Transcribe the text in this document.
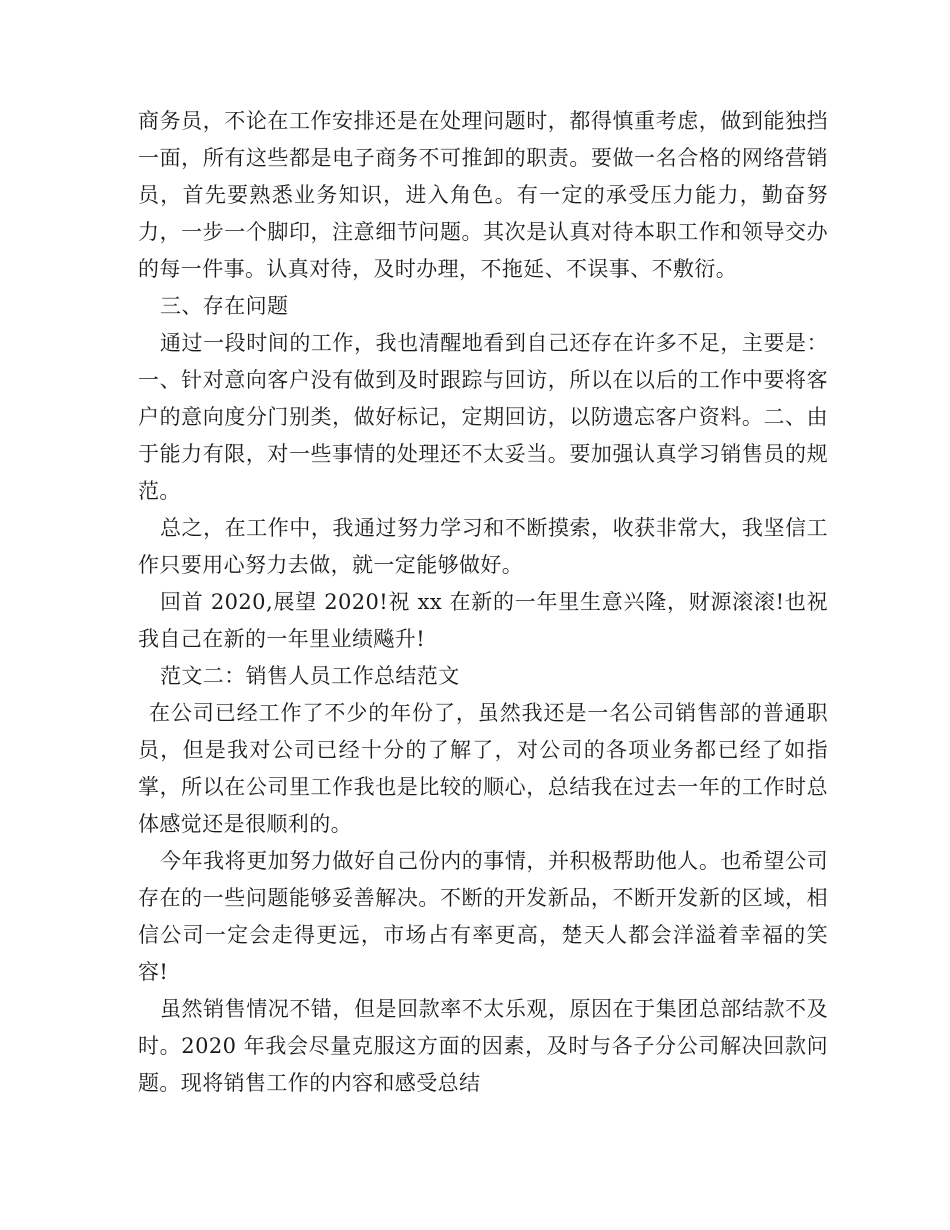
商务员，不论在工作安排还是在处理问题时，都得慎重考虑，做到能独挡一面，所有这些都是电子商务不可推卸的职责。要做一名合格的网络营销员，首先要熟悉业务知识，进入角色。有一定的承受压力能力，勤奋努力，一步一个脚印，注意细节问题。其次是认真对待本职工作和领导交办的每一件事。认真对待，及时办理，不拖延、不误事、不敷衍。

三、存在问题

通过一段时间的工作，我也清醒地看到自己还存在许多不足，主要是：一、针对意向客户没有做到及时跟踪与回访，所以在以后的工作中要将客户的意向度分门别类，做好标记，定期回访，以防遗忘客户资料。二、由于能力有限，对一些事情的处理还不太妥当。要加强认真学习销售员的规范。

总之，在工作中，我通过努力学习和不断摸索，收获非常大，我坚信工作只要用心努力去做，就一定能够做好。

回首 2020,展望 2020!祝 xx 在新的一年里生意兴隆，财源滚滚!也祝我自己在新的一年里业绩飚升!

范文二：销售人员工作总结范文

在公司已经工作了不少的年份了，虽然我还是一名公司销售部的普通职员，但是我对公司已经十分的了解了，对公司的各项业务都已经了如指掌，所以在公司里工作我也是比较的顺心，总结我在过去一年的工作时总体感觉还是很顺利的。

今年我将更加努力做好自己份内的事情，并积极帮助他人。也希望公司存在的一些问题能够妥善解决。不断的开发新品，不断开发新的区域，相信公司一定会走得更远，市场占有率更高，楚天人都会洋溢着幸福的笑容!

虽然销售情况不错，但是回款率不太乐观，原因在于集团总部结款不及时。2020 年我会尽量克服这方面的因素，及时与各子分公司解决回款问题。现将销售工作的内容和感受总结
